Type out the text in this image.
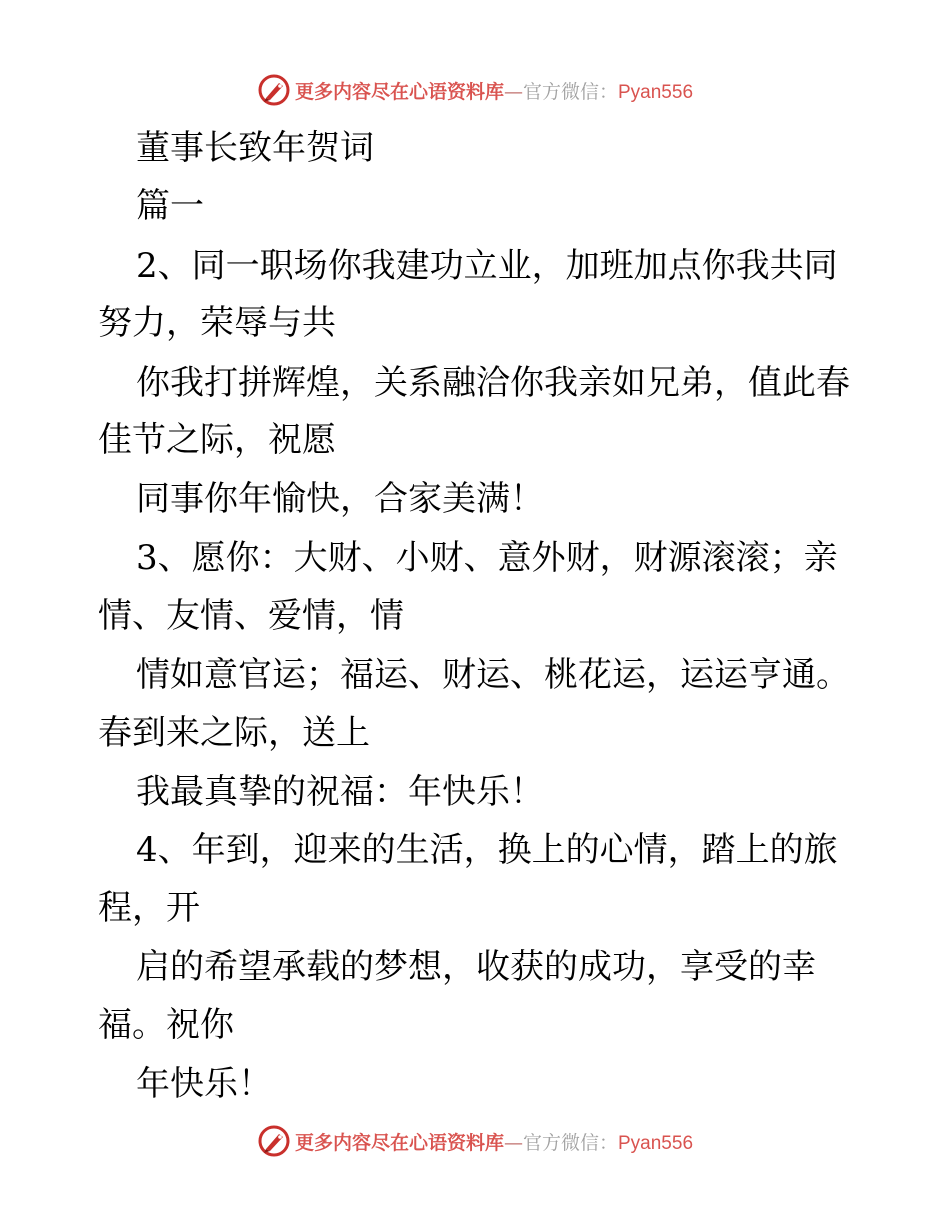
更多内容尽在心语资料库—官方微信：Pyan556
董事长致年贺词
篇一
2、同一职场你我建功立业，加班加点你我共同
努力，荣辱与共
你我打拼辉煌，关系融洽你我亲如兄弟，值此春
佳节之际，祝愿
同事你年愉快，合家美满！
3、愿你：大财、小财、意外财，财源滚滚；亲
情、友情、爱情，情
情如意官运；福运、财运、桃花运，运运亨通。
春到来之际，送上
我最真挚的祝福：年快乐！
4、年到，迎来的生活，换上的心情，踏上的旅
程，开
启的希望承载的梦想，收获的成功，享受的幸
福。祝你
年快乐！
更多内容尽在心语资料库—官方微信：Pyan556
